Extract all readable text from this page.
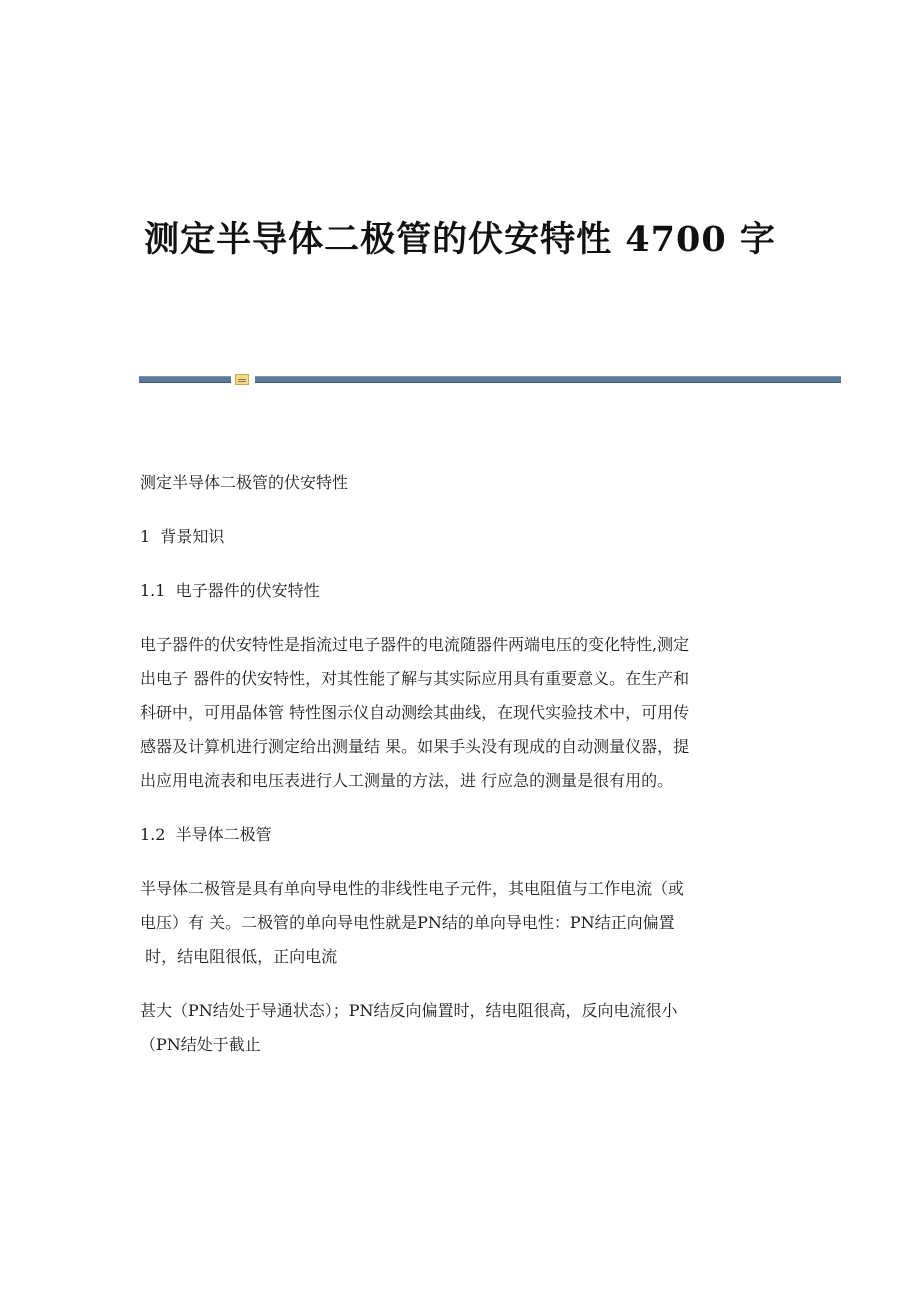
测定半导体二极管的伏安特性 4700 字

测定半导体二极管的伏安特性

1  背景知识

1.1  电子器件的伏安特性

电子器件的伏安特性是指流过电子器件的电流随器件两端电压的变化特性,测定

出电子 器件的伏安特性，对其性能了解与其实际应用具有重要意义。在生产和

科研中，可用晶体管 特性图示仪自动测绘其曲线，在现代实验技术中，可用传

感器及计算机进行测定给出测量结 果。如果手头没有现成的自动测量仪器，提

出应用电流表和电压表进行人工测量的方法，进 行应急的测量是很有用的。

1.2  半导体二极管

半导体二极管是具有单向导电性的非线性电子元件，其电阻值与工作电流（或

电压）有 关。二极管的单向导电性就是PN结的单向导电性：PN结正向偏置

时，结电阻很低，正向电流

甚大（PN结处于导通状态）；PN结反向偏置时，结电阻很高，反向电流很小

（PN结处于截止
